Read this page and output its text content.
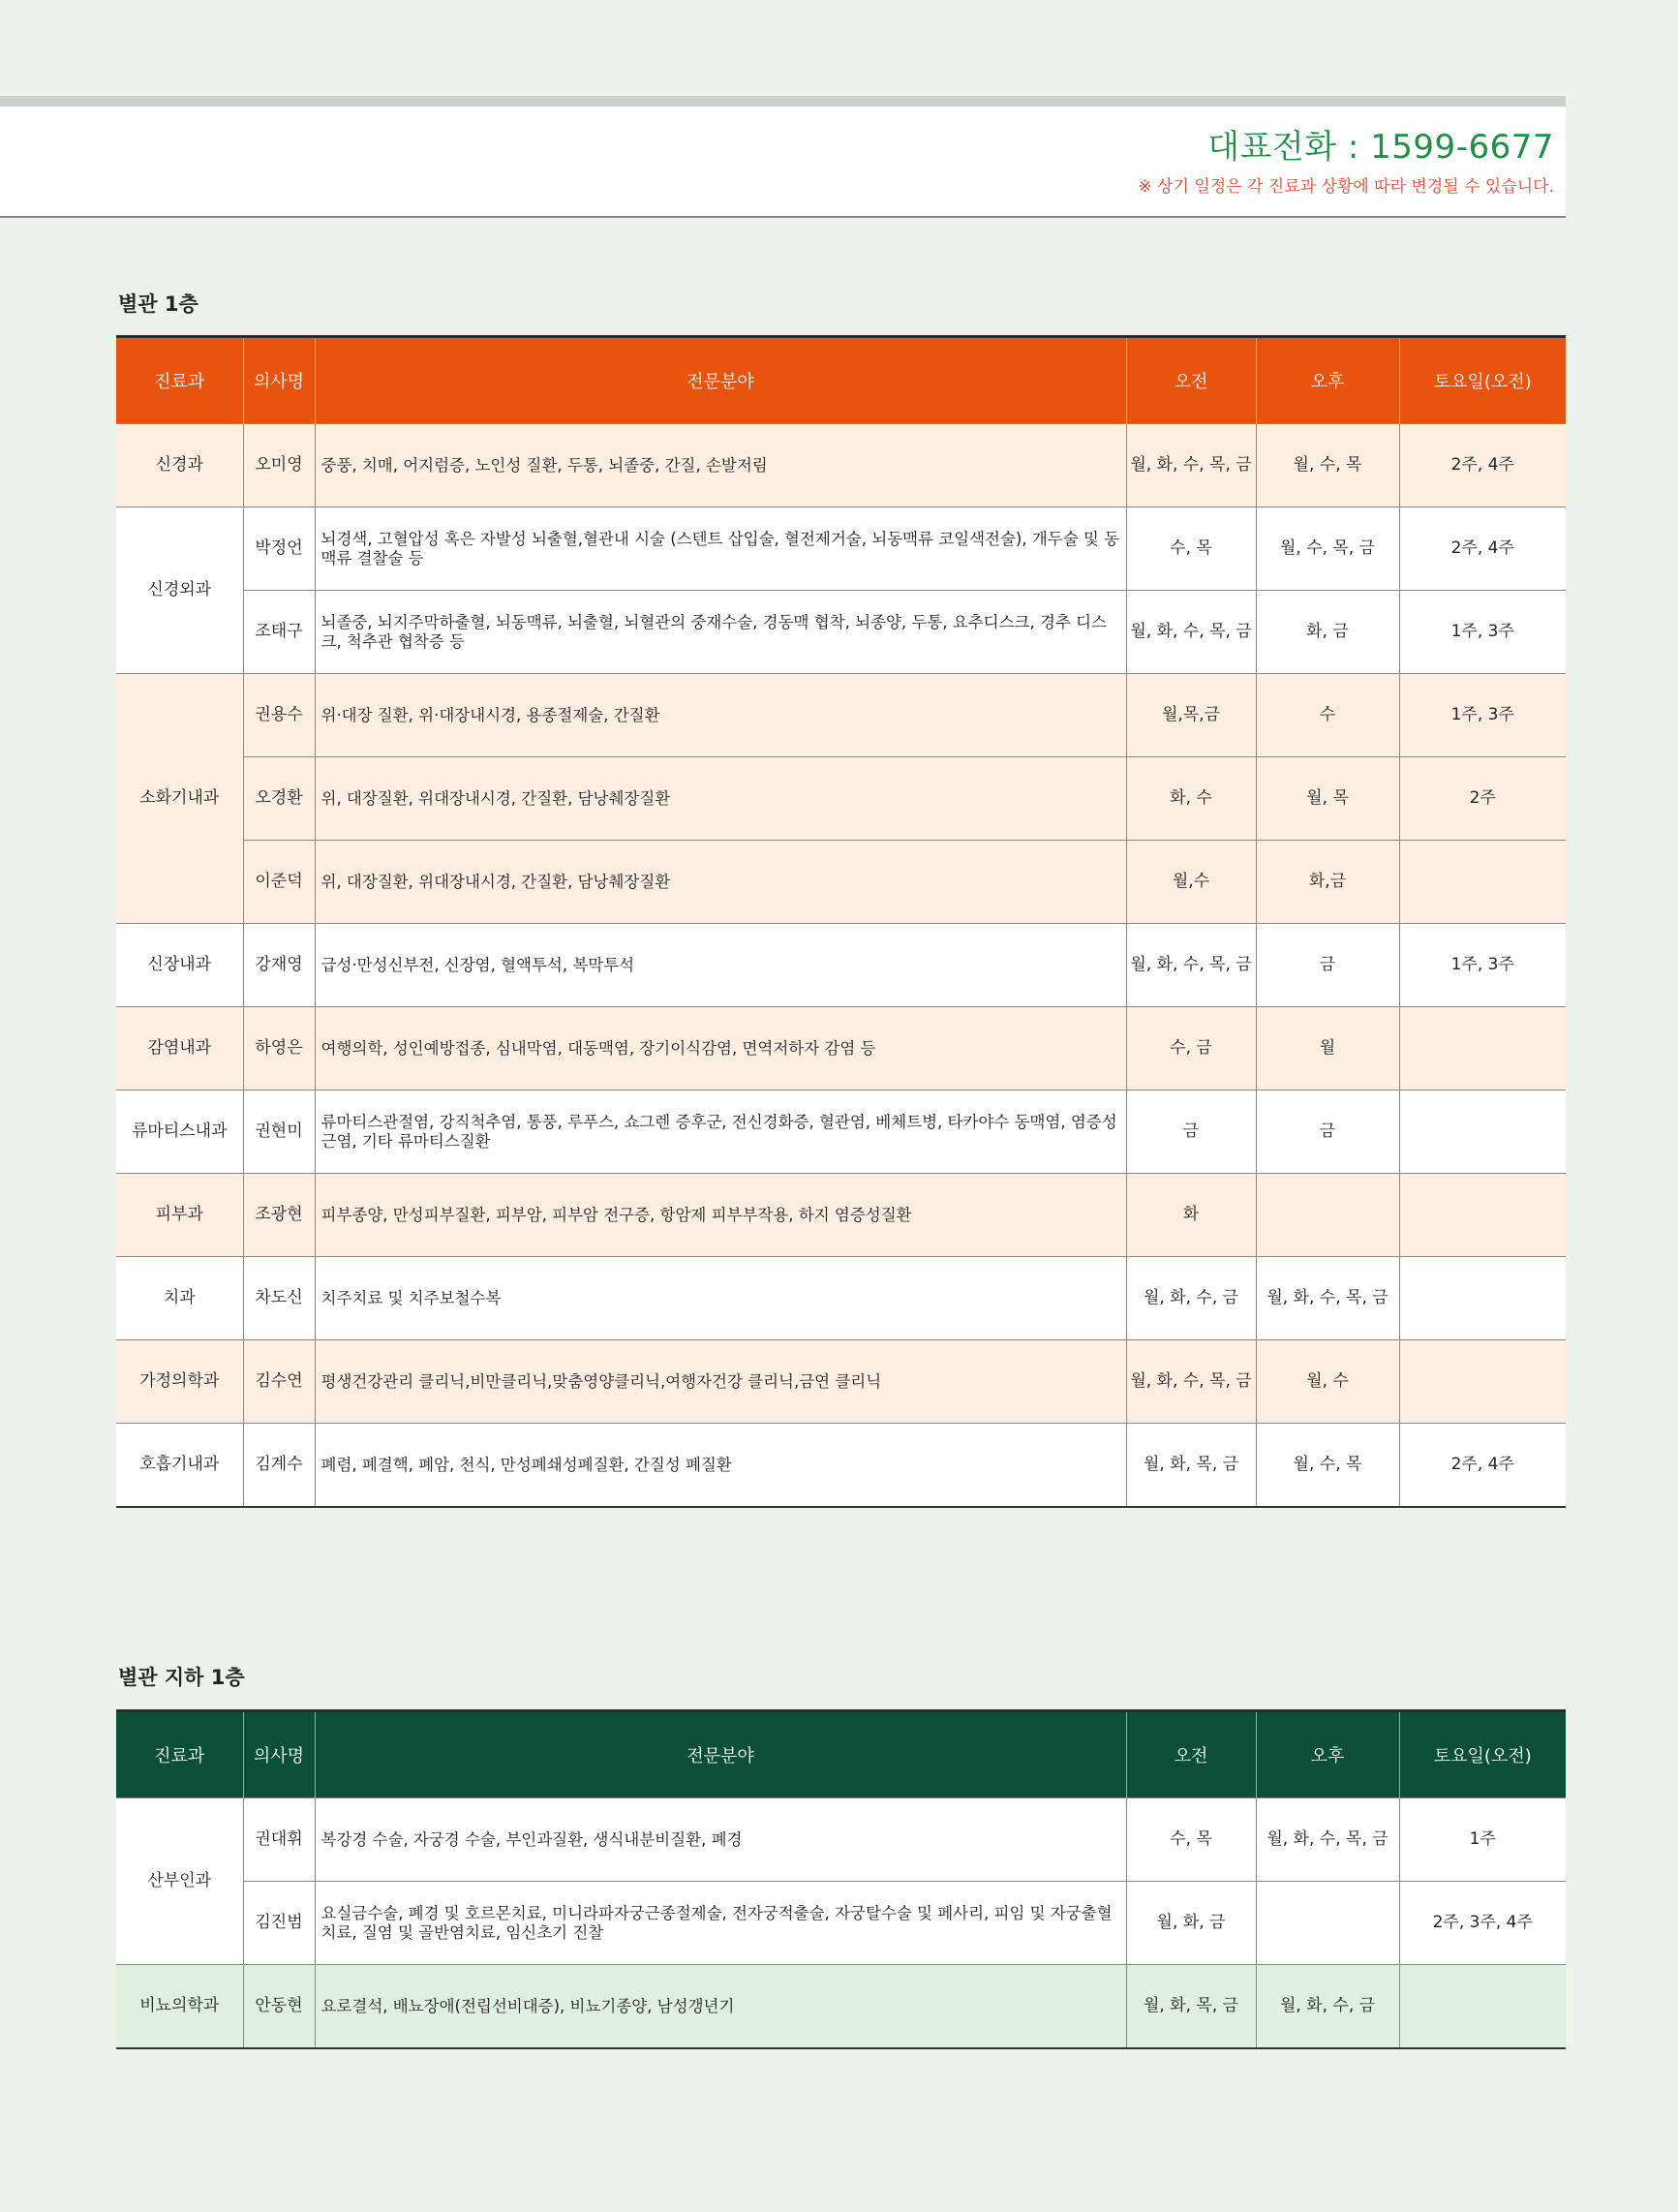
대표전화 : 1599-6677
※ 상기 일정은 각 진료과 상황에 따라 변경될 수 있습니다.
별관 1층
진료과	의사명	전문분야	오전	오후	토요일(오전)
신경과	오미영	중풍, 치매, 어지럼증, 노인성 질환, 두통, 뇌졸중, 간질, 손발저림	월, 화, 수, 목, 금	월, 수, 목	2주, 4주
신경외과	박정언	뇌경색, 고혈압성 혹은 자발성 뇌출혈,혈관내 시술 (스텐트 삽입술, 혈전제거술, 뇌동맥류 코일색전술), 개두술 및 동맥류 결찰술 등	수, 목	월, 수, 목, 금	2주, 4주
	조태구	뇌졸중, 뇌지주막하출혈, 뇌동맥류, 뇌출혈, 뇌혈관의 중재수술, 경동맥 협착, 뇌종양, 두통, 요추디스크, 경추 디스크, 척추관 협착증 등	월, 화, 수, 목, 금	화, 금	1주, 3주
소화기내과	권용수	위·대장 질환, 위·대장내시경, 용종절제술, 간질환	월,목,금	수	1주, 3주
	오경환	위, 대장질환, 위대장내시경, 간질환, 담낭췌장질환	화, 수	월, 목	2주
	이준덕	위, 대장질환, 위대장내시경, 간질환, 담낭췌장질환	월,수	화,금	
신장내과	강재영	급성·만성신부전, 신장염, 혈액투석, 복막투석	월, 화, 수, 목, 금	금	1주, 3주
감염내과	하영은	여행의학, 성인예방접종, 심내막염, 대동맥염, 장기이식감염, 면역저하자 감염 등	수, 금	월	
류마티스내과	권현미	류마티스관절염, 강직척추염, 통풍, 루푸스, 쇼그렌 증후군, 전신경화증, 혈관염, 베체트병, 타카야수 동맥염, 염증성 근염, 기타 류마티스질환	금	금	
피부과	조광현	피부종양, 만성피부질환, 피부암, 피부암 전구증, 항암제 피부부작용, 하지 염증성질환	화		
치과	차도신	치주치료 및 치주보철수복	월, 화, 수, 금	월, 화, 수, 목, 금	
가정의학과	김수연	평생건강관리 클리닉,비만클리닉,맞춤영양클리닉,여행자건강 클리닉,금연 클리닉	월, 화, 수, 목, 금	월, 수	
호흡기내과	김계수	폐렴, 폐결핵, 폐암, 천식, 만성폐쇄성폐질환, 간질성 폐질환	월, 화, 목, 금	월, 수, 목	2주, 4주
별관 지하 1층
진료과	의사명	전문분야	오전	오후	토요일(오전)
산부인과	권대휘	복강경 수술, 자궁경 수술, 부인과질환, 생식내분비질환, 폐경	수, 목	월, 화, 수, 목, 금	1주
	김진범	요실금수술, 폐경 및 호르몬치료, 미니라파자궁근종절제술, 전자궁적출술, 자궁탈수술 및 페사리, 피임 및 자궁출혈 치료, 질염 및 골반염치료, 임신초기 진찰	월, 화, 금		2주, 3주, 4주
비뇨의학과	안동현	요로결석, 배뇨장애(전립선비대증), 비뇨기종양, 남성갱년기	월, 화, 목, 금	월, 화, 수, 금	
